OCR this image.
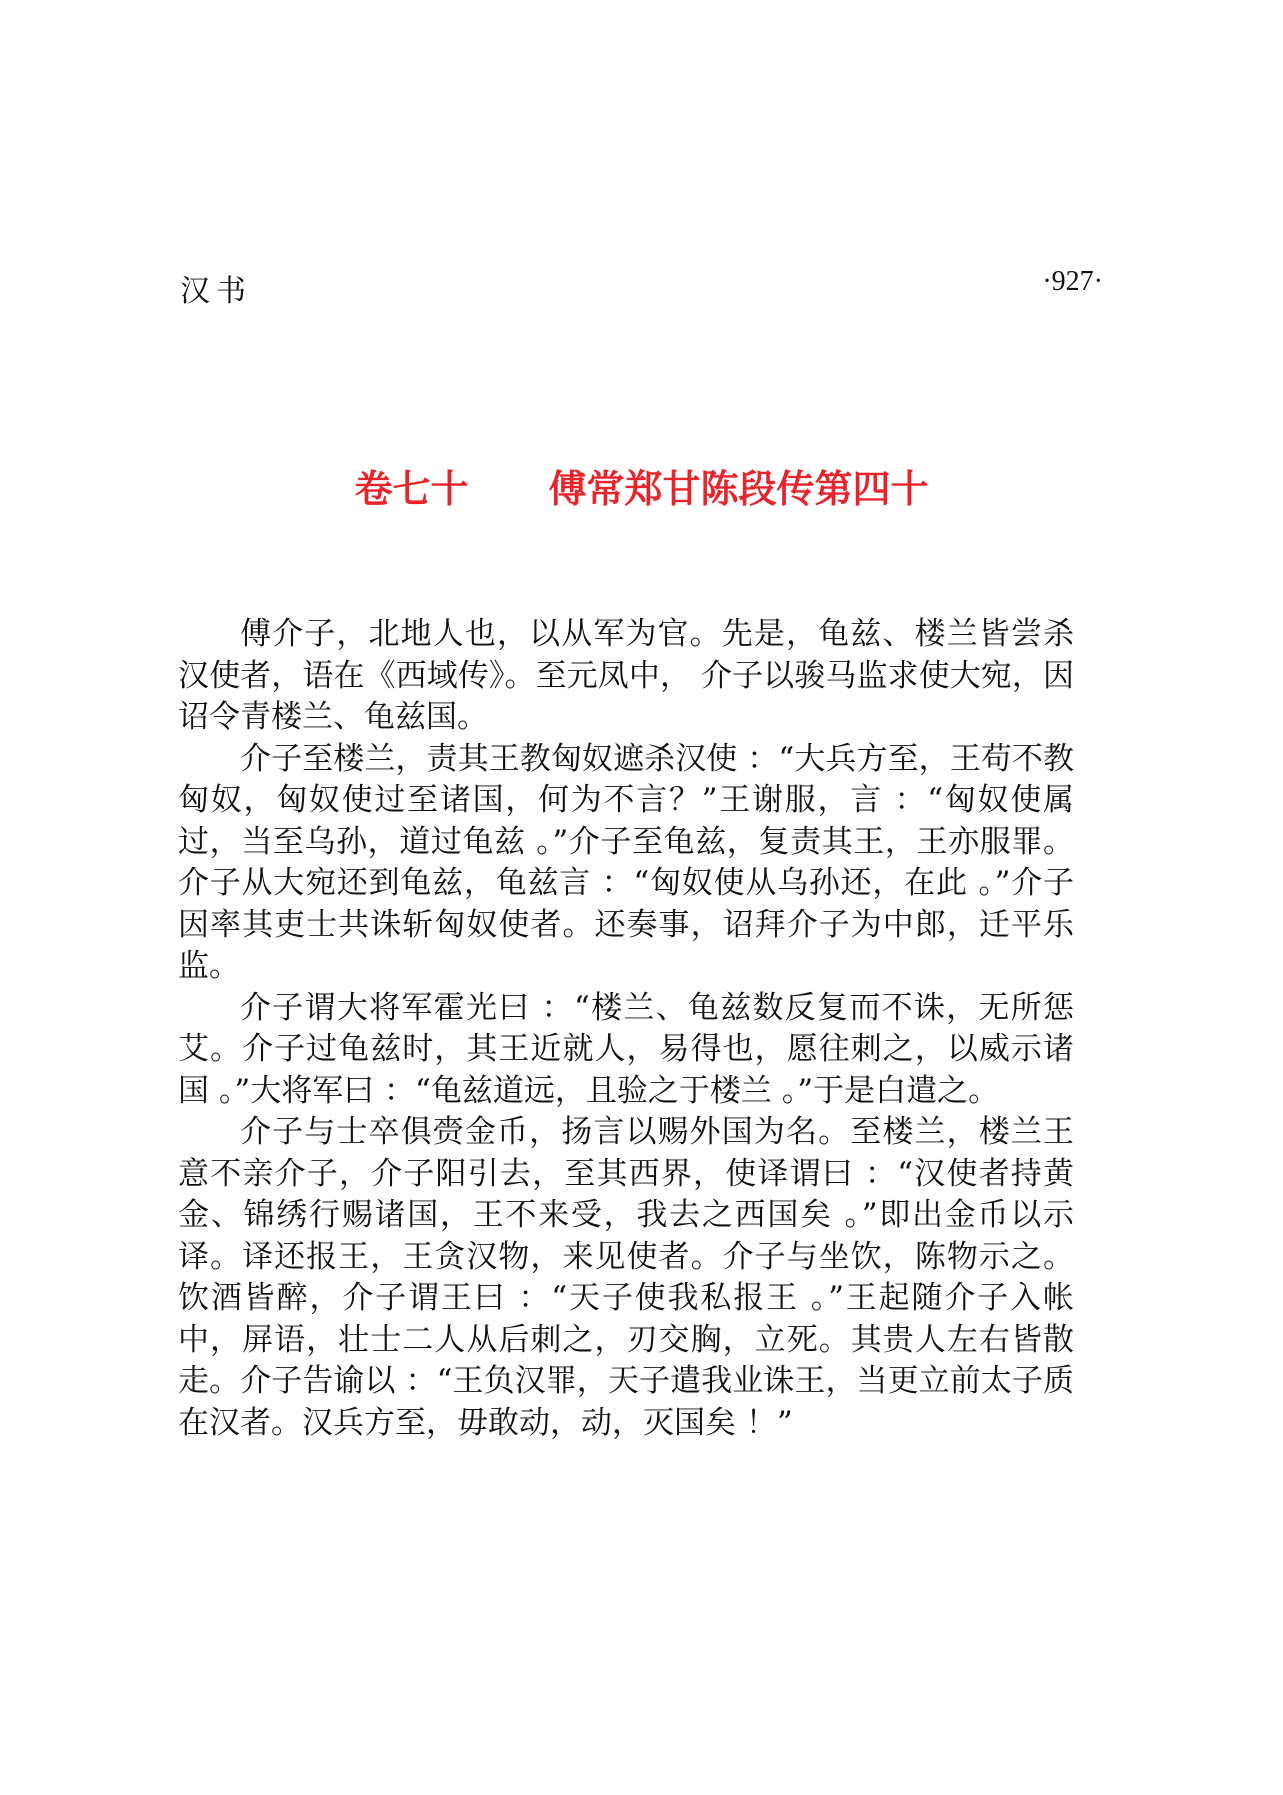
汉书	·927·
卷七十 傅常郑甘陈段传第四十

傅介子，北地人也，以从军为官。先是，龟兹、楼兰皆尝杀汉使者，语在《西域传》。至元凤中， 介子以骏马监求使大宛，因诏令青楼兰、龟兹国。

介子至楼兰，责其王教匈奴遮杀汉使 ：“大兵方至，王苟不教匈奴，匈奴使过至诸国，何为不言？”王谢服，言 ：“匈奴使属过，当至乌孙，道过龟兹 。”介子至龟兹，复责其王，王亦服罪。介子从大宛还到龟兹，龟兹言 ：“匈奴使从乌孙还，在此 。”介子因率其吏士共诛斩匈奴使者。还奏事，诏拜介子为中郎，迁平乐监。

介子谓大将军霍光曰 ：“楼兰、龟兹数反复而不诛，无所惩艾。介子过龟兹时，其王近就人，易得也，愿往刺之，以威示诸国 。”大将军曰 ：“龟兹道远，且验之于楼兰 。”于是白遣之。

介子与士卒俱赍金币，扬言以赐外国为名。至楼兰，楼兰王意不亲介子，介子阳引去，至其西界，使译谓曰 ：“汉使者持黄金、锦绣行赐诸国，王不来受，我去之西国矣 。”即出金币以示译。译还报王，王贪汉物，来见使者。介子与坐饮，陈物示之。饮酒皆醉，介子谓王曰 ：“天子使我私报王 。”王起随介子入帐中，屏语，壮士二人从后刺之，刃交胸，立死。其贵人左右皆散走。介子告谕以 ：“王负汉罪，天子遣我业诛王，当更立前太子质在汉者。汉兵方至，毋敢动，动，灭国矣 ！”
